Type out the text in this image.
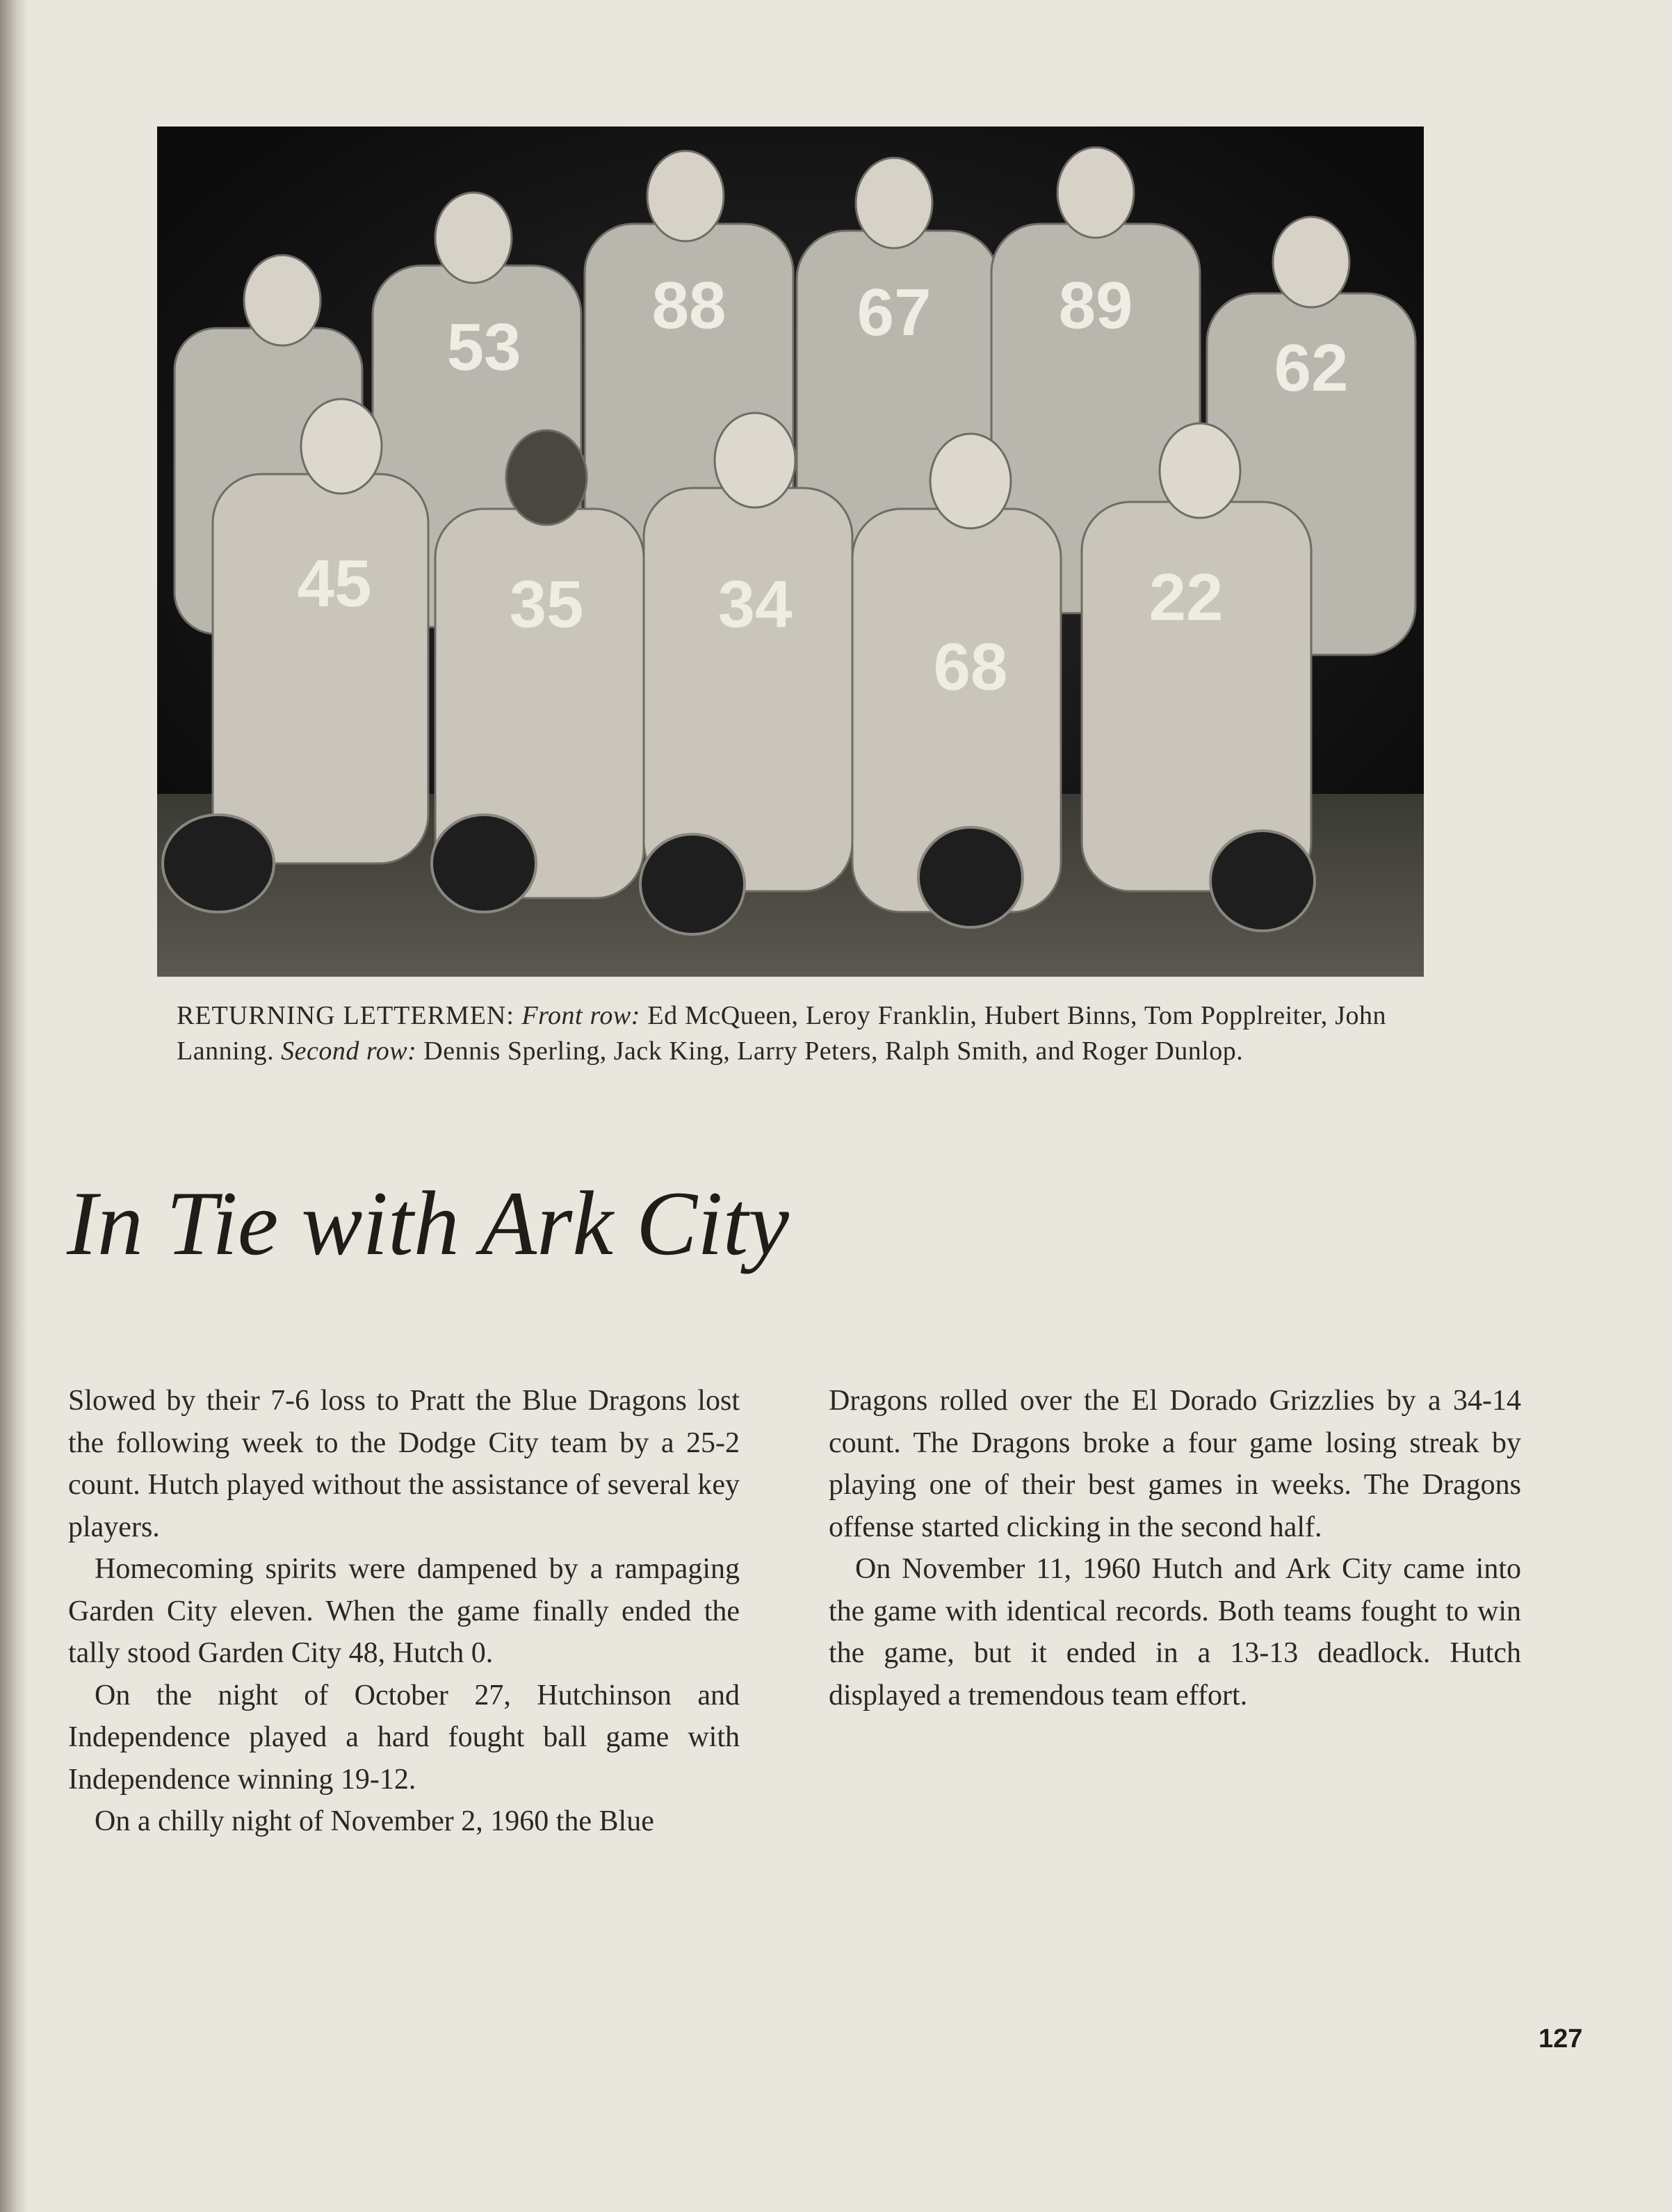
53
88 67 89
62
45 35 34
68
22
RETURNING LETTERMEN: Front row: Ed McQueen, Leroy Franklin, Hubert Binns, Tom Popplreiter, John Lanning. Second row: Dennis Sperling, Jack King, Larry Peters, Ralph Smith, and Roger Dunlop.
In Tie with Ark City

Slowed by their 7-6 loss to Pratt the Blue Dragons lost the following week to the Dodge City team by a 25-2 count. Hutch played without the assistance of several key players.

Homecoming spirits were dampened by a rampaging Garden City eleven. When the game finally ended the tally stood Garden City 48, Hutch 0.

On the night of October 27, Hutchinson and Independence played a hard fought ball game with Independence winning 19-12.

On a chilly night of November 2, 1960 the Blue

Dragons rolled over the El Dorado Grizzlies by a 34-14 count. The Dragons broke a four game losing streak by playing one of their best games in weeks. The Dragons offense started clicking in the second half.

On November 11, 1960 Hutch and Ark City came into the game with identical records. Both teams fought to win the game, but it ended in a 13-13 deadlock. Hutch displayed a tremendous team effort.

127
